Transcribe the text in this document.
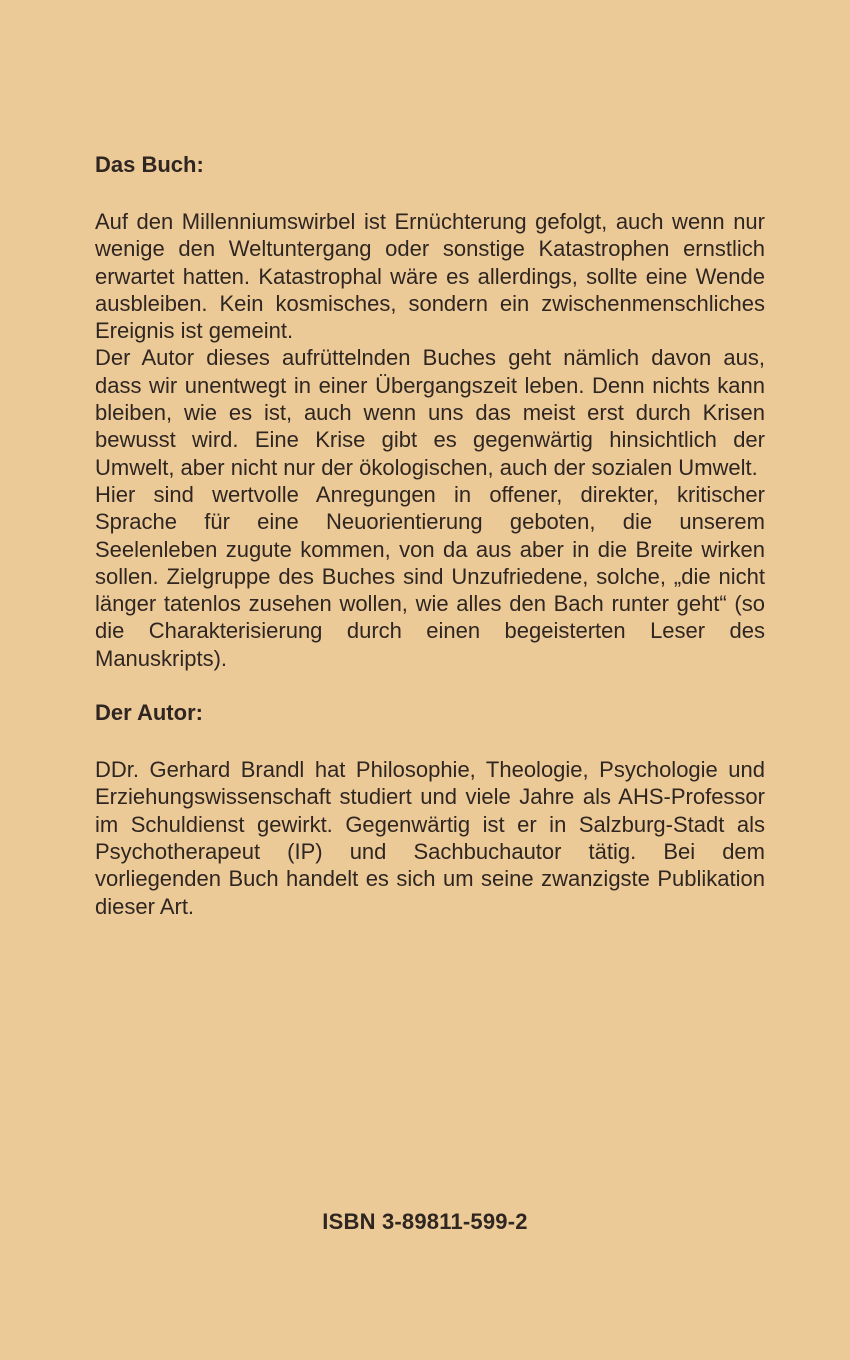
Das Buch:

Auf den Millenniumswirbel ist Ernüchterung gefolgt, auch wenn nur wenige den Weltuntergang oder sonstige Katastrophen ernstlich erwartet hatten. Katastrophal wäre es allerdings, sollte eine Wende ausbleiben. Kein kosmisches, sondern ein zwischenmenschliches Ereignis ist gemeint.

Der Autor dieses aufrüttelnden Buches geht nämlich davon aus, dass wir unentwegt in einer Übergangszeit leben. Denn nichts kann bleiben, wie es ist, auch wenn uns das meist erst durch Krisen bewusst wird. Eine Krise gibt es gegenwärtig hinsichtlich der Umwelt, aber nicht nur der ökologischen, auch der sozialen Umwelt.

Hier sind wertvolle Anregungen in offener, direkter, kritischer Sprache für eine Neuorientierung geboten, die unserem Seelenleben zugute kommen, von da aus aber in die Breite wirken sollen. Zielgruppe des Buches sind Unzufriedene, solche, „die nicht länger tatenlos zusehen wollen, wie alles den Bach runter geht“ (so die Charakterisierung durch einen begeisterten Leser des Manuskripts).

Der Autor:

DDr. Gerhard Brandl hat Philosophie, Theologie, Psychologie und Erziehungswissenschaft studiert und viele Jahre als AHS-Professor im Schuldienst gewirkt. Gegenwärtig ist er in Salzburg-Stadt als Psychotherapeut (IP) und Sachbuchautor tätig. Bei dem vorliegenden Buch handelt es sich um seine zwanzigste Publikation dieser Art.

ISBN 3-89811-599-2
